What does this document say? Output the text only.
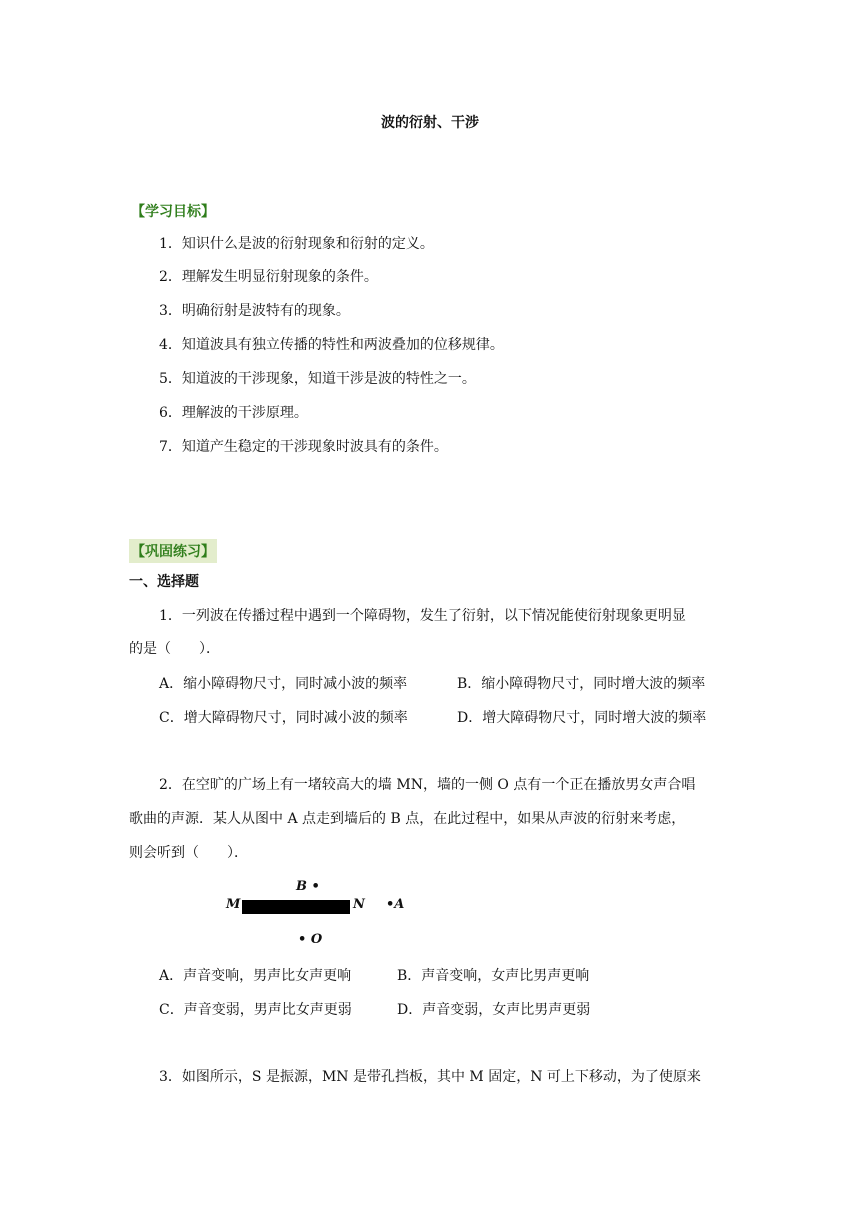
波的衍射、干涉
【学习目标】
1．知识什么是波的衍射现象和衍射的定义。
2．理解发生明显衍射现象的条件。
3．明确衍射是波特有的现象。
4．知道波具有独立传播的特性和两波叠加的位移规律。
5．知道波的干涉现象，知道干涉是波的特性之一。
6．理解波的干涉原理。
7．知道产生稳定的干涉现象时波具有的条件。
【巩固练习】
一、选择题
1．一列波在传播过程中遇到一个障碍物，发生了衍射，以下情况能使衍射现象更明显
的是（　　）．
A．缩小障碍物尺寸，同时减小波的频率	B．缩小障碍物尺寸，同时增大波的频率
C．增大障碍物尺寸，同时减小波的频率	D．增大障碍物尺寸，同时增大波的频率
2．在空旷的广场上有一堵较高大的墙 MN，墙的一侧 O 点有一个正在播放男女声合唱
歌曲的声源．某人从图中 A 点走到墙后的 B 点，在此过程中，如果从声波的衍射来考虑，
则会听到（　　）．
M	N •A
B •
• O
A．声音变响，男声比女声更响	B．声音变响，女声比男声更响
C．声音变弱，男声比女声更弱	D．声音变弱，女声比男声更弱
3．如图所示，S 是振源，MN 是带孔挡板，其中 M 固定，N 可上下移动，为了使原来
